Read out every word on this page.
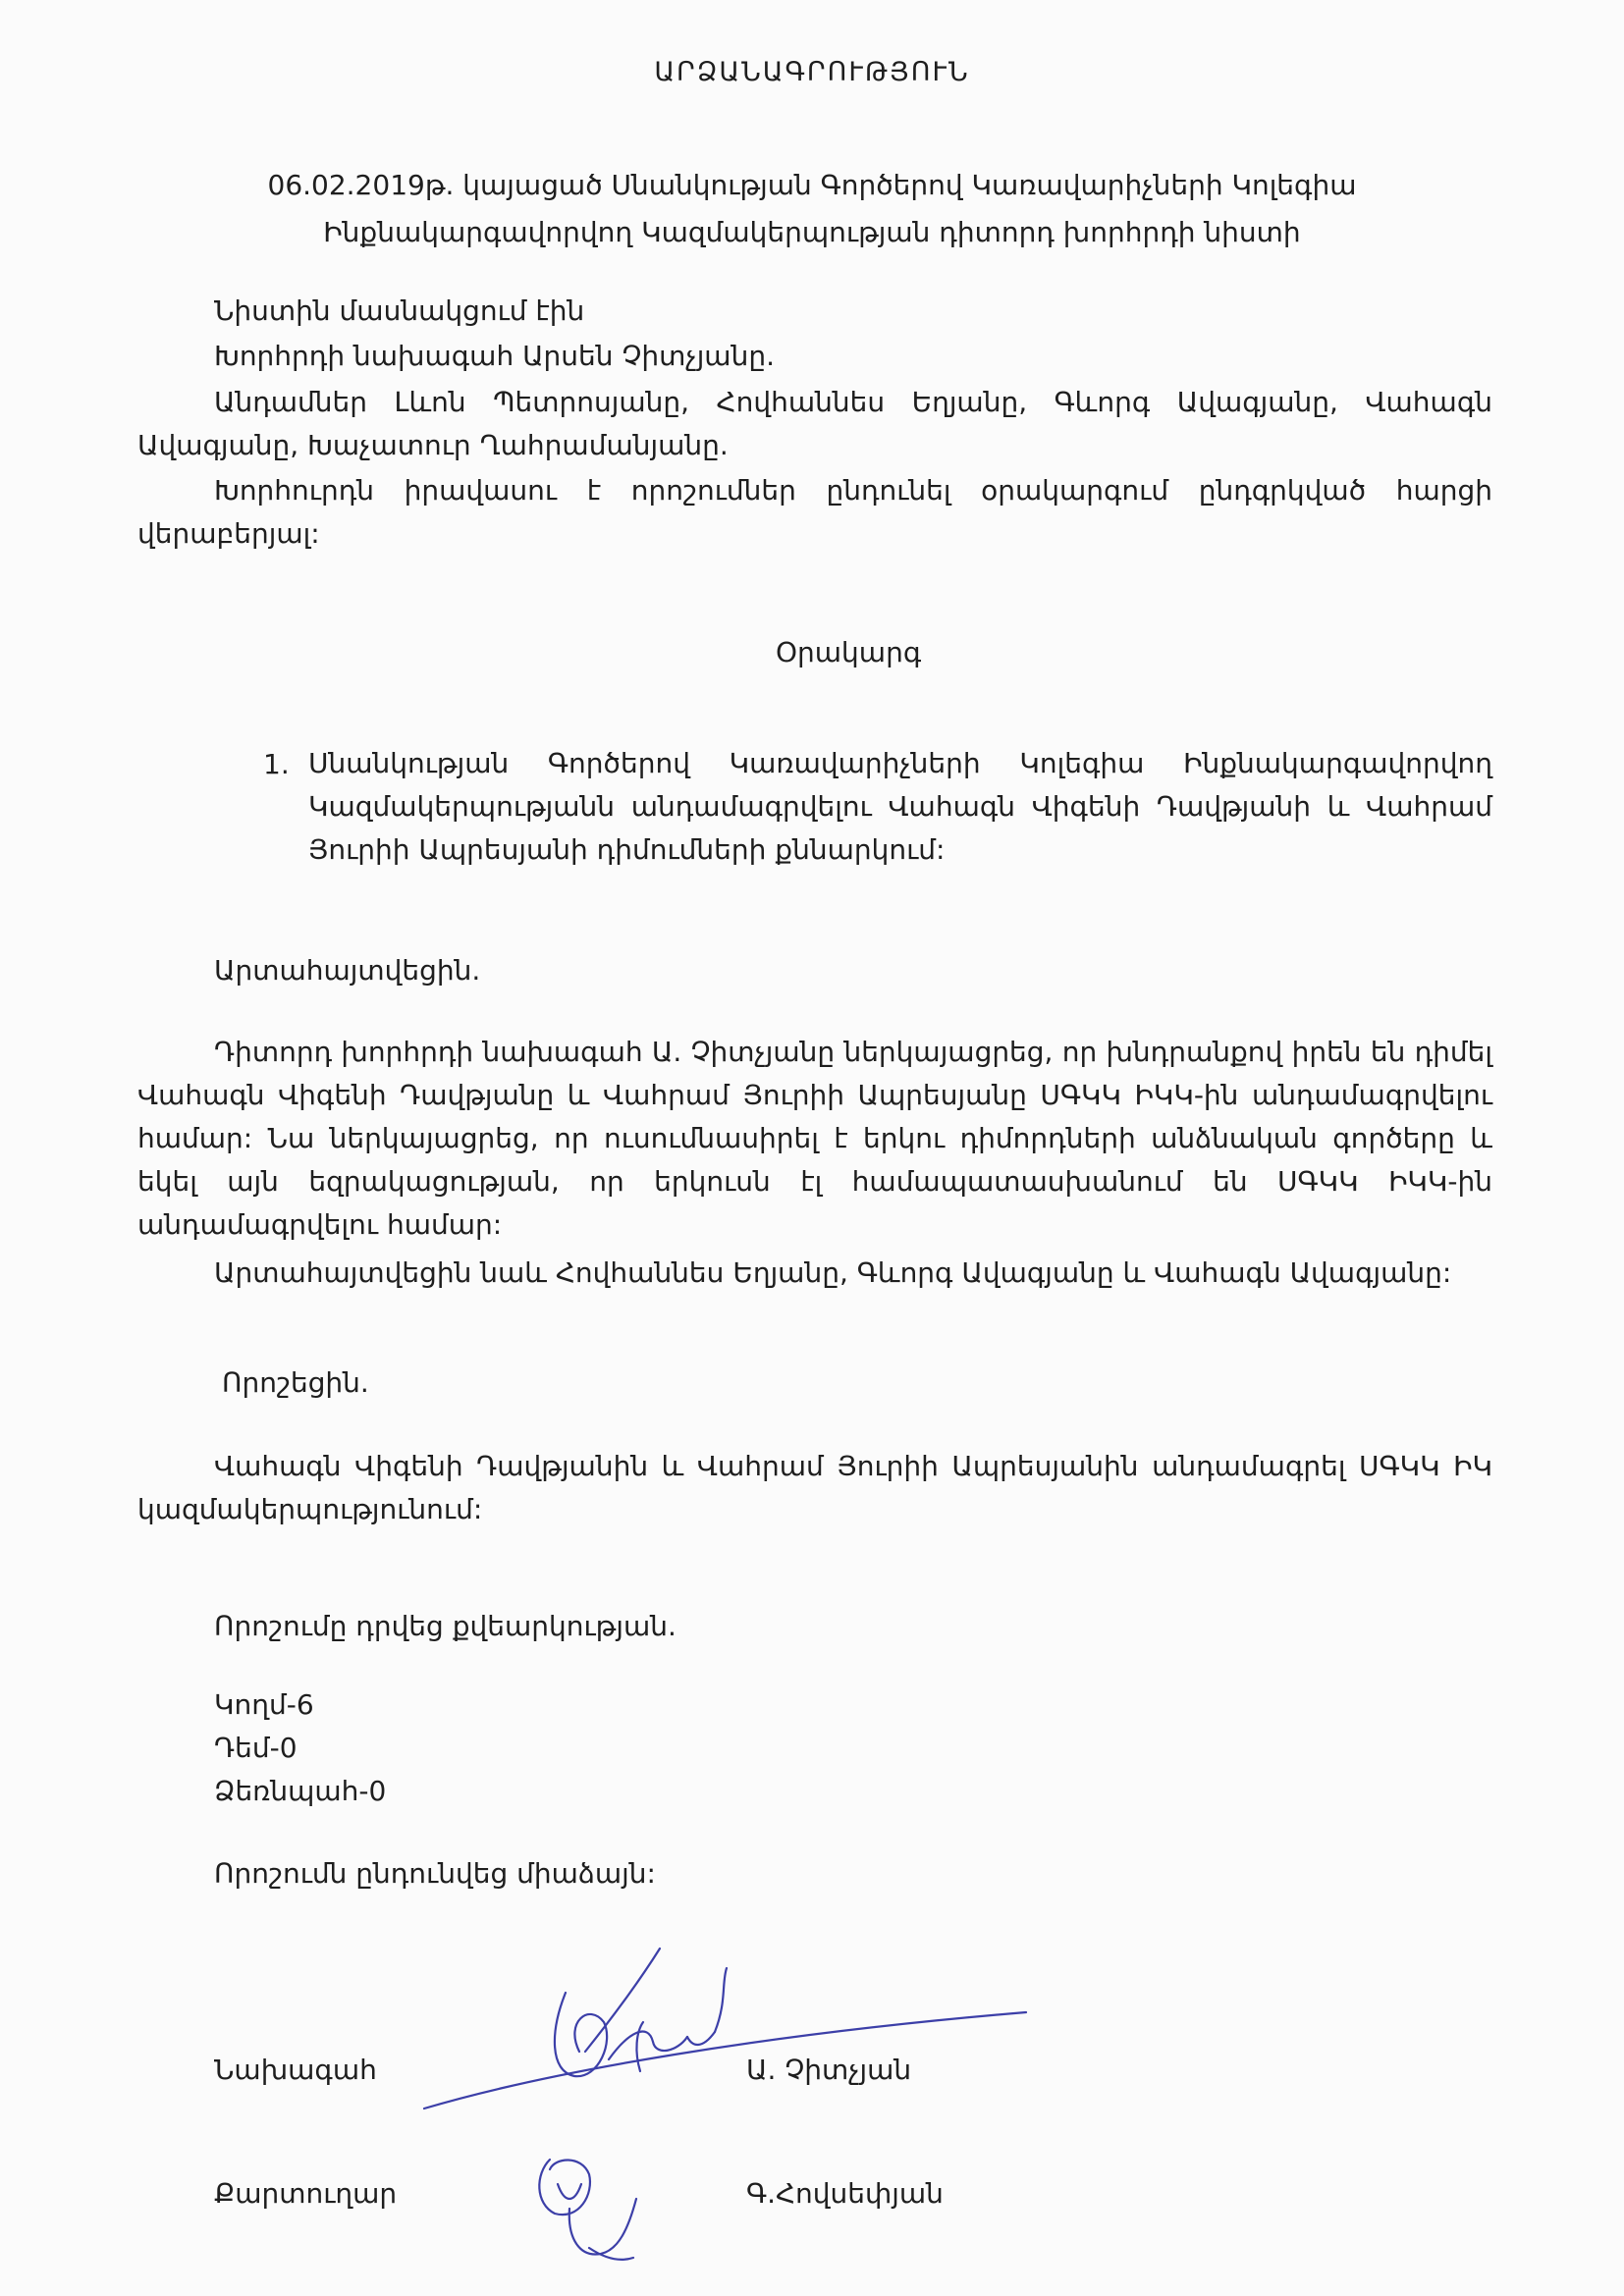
ԱՐՁԱՆԱԳՐՈՒԹՅՈՒՆ

06.02.2019թ. կայացած Սնանկության Գործերով Կառավարիչների Կոլեգիա

Ինքնակարգավորվող Կազմակերպության դիտորդ խորհրդի նիստի

Նիստին մասնակցում էին

Խորհրդի նախագահ Արսեն Չիտչյանը.

Անդամներ Լևոն Պետրոսյանը, Հովհաննես Եղյանը, Գևորգ Ավագյանը, Վահագն Ավագյանը, Խաչատուր Ղահրամանյանը.

Խորհուրդն իրավասու է որոշումներ ընդունել օրակարգում ընդգրկված հարցի վերաբերյալ:

Օրակարգ

1. Սնանկության Գործերով Կառավարիչների Կոլեգիա Ինքնակարգավորվող Կազմակերպությանն անդամագրվելու Վահագն Վիգենի Դավթյանի և Վահրամ Յուրիի Ապրեսյանի դիմումների քննարկում:

Արտահայտվեցին.

Դիտորդ խորհրդի նախագահ Ա. Չիտչյանը ներկայացրեց, որ խնդրանքով իրեն են դիմել Վահագն Վիգենի Դավթյանը և Վահրամ Յուրիի Ապրեսյանը ՍԳԿԿ ԻԿԿ-ին անդամագրվելու համար: Նա ներկայացրեց, որ ուսումնասիրել է երկու դիմորդների անձնական գործերը և եկել այն եզրակացության, որ երկուսն էլ համապատասխանում են ՍԳԿԿ ԻԿԿ-ին անդամագրվելու համար:

Արտահայտվեցին նաև Հովհաննես Եղյանը, Գևորգ Ավագյանը և Վահագն Ավագյանը:

Որոշեցին.

Վահագն Վիգենի Դավթյանին և Վահրամ Յուրիի Ապրեսյանին անդամագրել ՍԳԿԿ ԻԿ կազմակերպությունում:

Որոշումը դրվեց քվեարկության.

Կողմ-6

Դեմ-0

Ձեռնպահ-0

Որոշումն ընդունվեց միաձայն:

Նախագահ	Ա. Չիտչյան

Քարտուղար	Գ.Հովսեփյան
